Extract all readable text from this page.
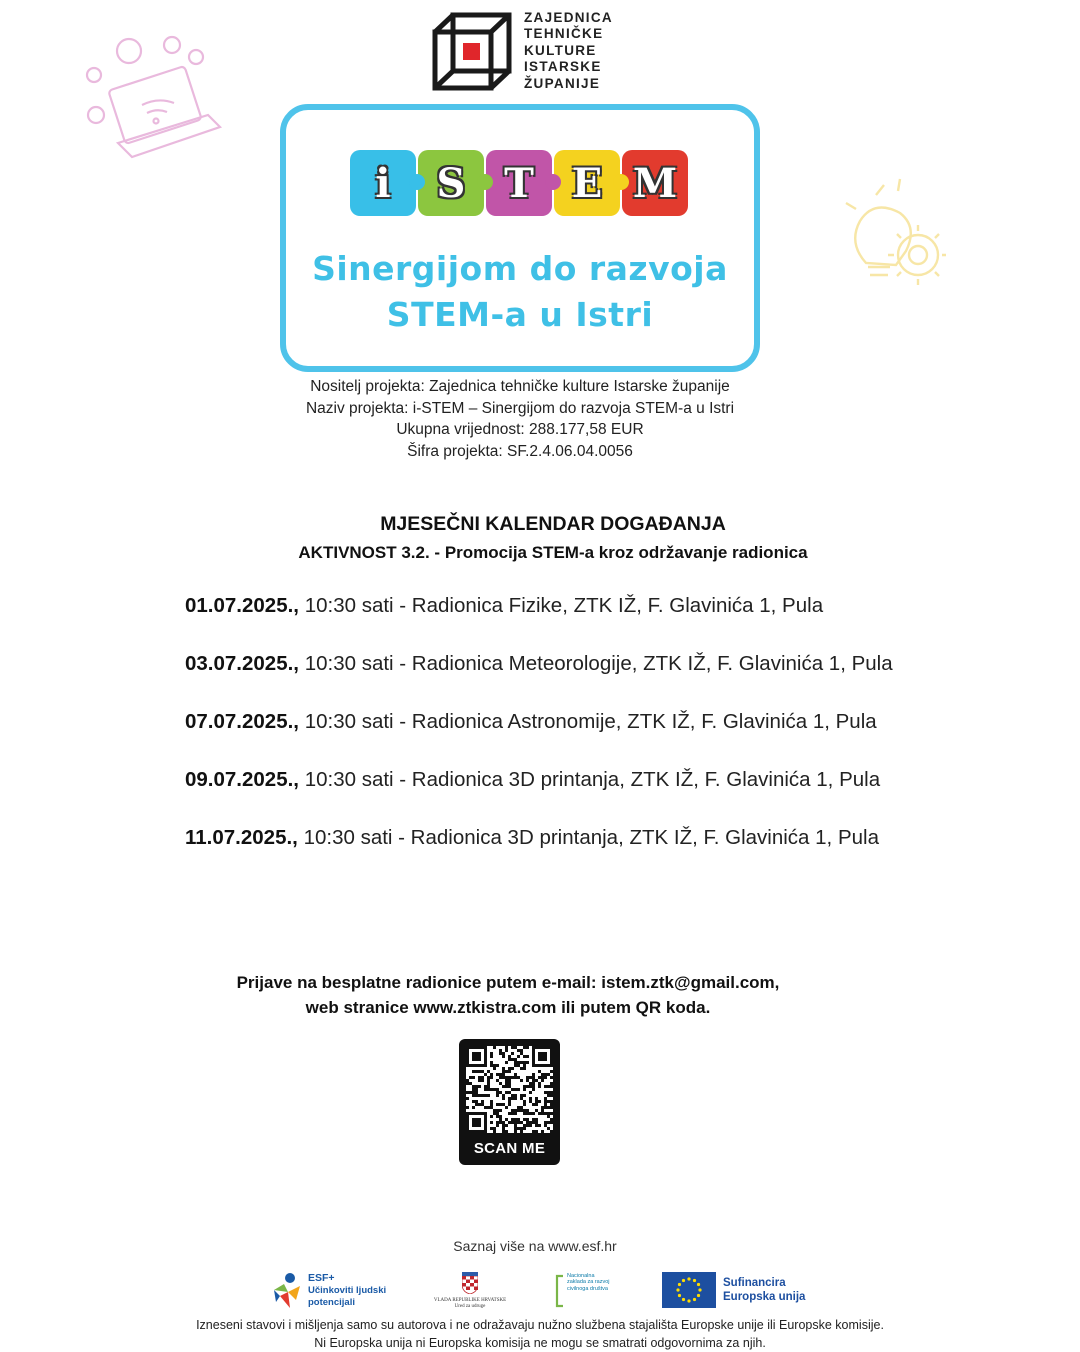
ZAJEDNICA
TEHNIČKE
KULTURE
ISTARSKE
ŽUPANIJE
i	S T E M
Sinergijom do razvoja
STEM-a u Istri
Nositelj projekta: Zajednica tehničke kulture Istarske županije
Naziv projekta: i-STEM – Sinergijom do razvoja STEM-a u Istri
Ukupna vrijednost: 288.177,58 EUR
Šifra projekta: SF.2.4.06.04.0056
MJESEČNI KALENDAR DOGAĐANJA
AKTIVNOST 3.2. - Promocija STEM-a kroz održavanje radionica
01.07.2025., 10:30 sati - Radionica Fizike, ZTK IŽ, F. Glavinića 1, Pula
03.07.2025., 10:30 sati - Radionica Meteorologije, ZTK IŽ, F. Glavinića 1, Pula
07.07.2025., 10:30 sati - Radionica Astronomije, ZTK IŽ, F. Glavinića 1, Pula
09.07.2025., 10:30 sati - Radionica 3D printanja, ZTK IŽ, F. Glavinića 1, Pula
11.07.2025., 10:30 sati - Radionica 3D printanja, ZTK IŽ, F. Glavinića 1, Pula
Prijave na besplatne radionice putem e-mail: istem.ztk@gmail.com,
web stranice www.ztkistra.com ili putem QR koda.
SCAN ME
Saznaj više na www.esf.hr
ESF+
Učinkoviti ljudski
potencijali	VLADA REPUBLIKE HRVATSKE
Ured za udruge
Nacionalna zaklada za razvoj civilnoga društva	Sufinancira
Europska unija
Izneseni stavovi i mišljenja samo su autorova i ne odražavaju nužno službena stajališta Europske unije ili Europske komisije.
Ni Europska unija ni Europska komisija ne mogu se smatrati odgovornima za njih.
